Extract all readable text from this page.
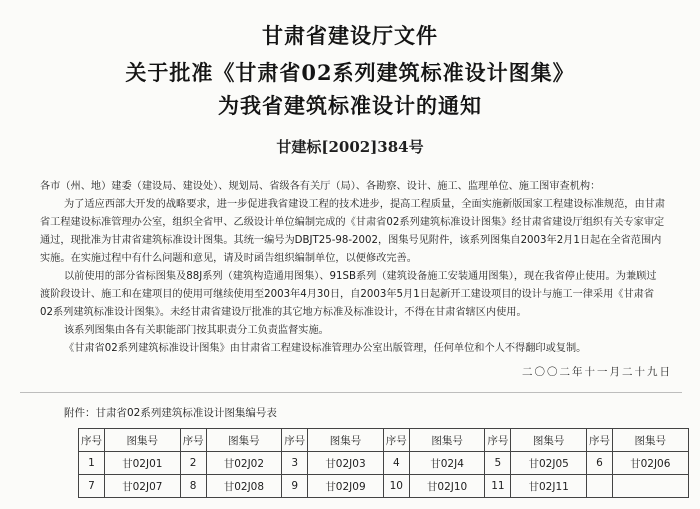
甘肃省建设厅文件
关于批准《甘肃省02系列建筑标准设计图集》
为我省建筑标准设计的通知
甘建标[2002]384号
各市（州、地）建委（建设局、建设处）、规划局、省级各有关厅（局）、各勘察、设计、施工、监理单位、施工图审查机构：
为了适应西部大开发的战略要求，进一步促进我省建设工程的技术进步，提高工程质量，全面实施新版国家工程建设标准规范，由甘肃省工程建设标准管理办公室，组织全省甲、乙级设计单位编制完成的《甘肃省02系列建筑标准设计图集》经甘肃省建设厅组织有关专家审定通过，现批准为甘肃省建筑标准设计图集。其统一编号为DBJT25-98-2002，图集号见附件，该系列图集自2003年2月1日起在全省范围内实施。在实施过程中有什么问题和意见，请及时函告组织编制单位，以便修改完善。
以前使用的部分省标图集及88J系列（建筑构造通用图集）、91SB系列（建筑设备施工安装通用图集），现在我省停止使用。为兼顾过渡阶段设计、施工和在建项目的使用可继续使用至2003年4月30日，自2003年5月1日起新开工建设项目的设计与施工一律采用《甘肃省02系列建筑标准设计图集》。未经甘肃省建设厅批准的其它地方标准及标准设计，不得在甘肃省辖区内使用。
该系列图集由各有关职能部门按其职责分工负责监督实施。
《甘肃省02系列建筑标准设计图集》由甘肃省工程建设标准管理办公室出版管理，任何单位和个人不得翻印或复制。
二〇〇二年十一月二十九日
附件：甘肃省02系列建筑标准设计图集编号表
序号	图集号	序号	图集号	序号	图集号	序号	图集号	序号	图集号	序号	图集号
1	甘02J01	2	甘02J02	3	甘02J03	4	甘02J4	5	甘02J05	6	甘02J06
7	甘02J07	8	甘02J08	9	甘02J09	10	甘02J10	11	甘02J11		
